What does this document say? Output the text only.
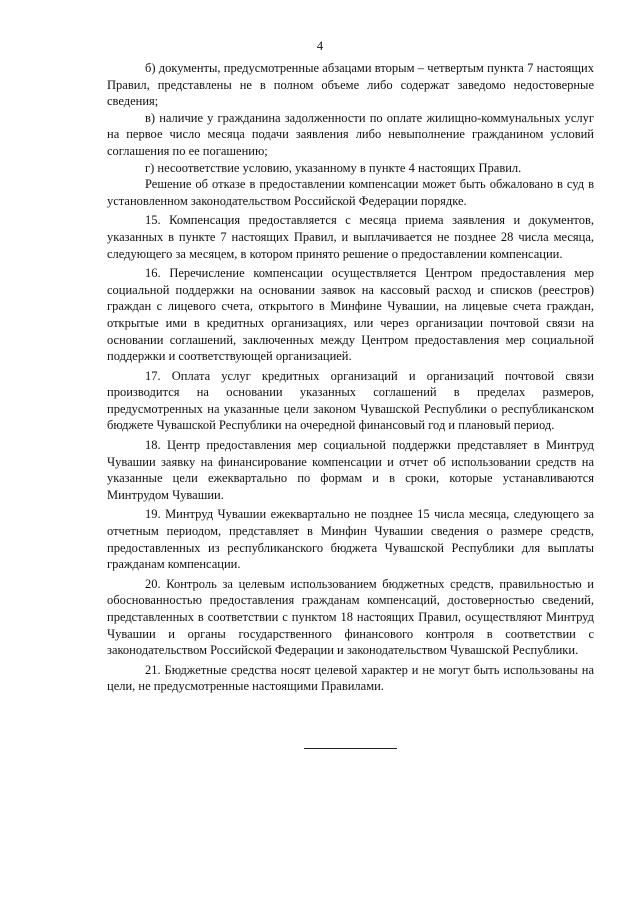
4

б) документы, предусмотренные абзацами вторым – четвертым пункта 7 настоящих Правил, представлены не в полном объеме либо содержат заведомо недостоверные сведения;

в) наличие у гражданина задолженности по оплате жилищно-коммунальных услуг на первое число месяца подачи заявления либо невыполнение гражданином условий соглашения по ее погашению;

г) несоответствие условию, указанному в пункте 4 настоящих Правил.

Решение об отказе в предоставлении компенсации может быть обжаловано в суд в установленном законодательством Российской Федерации порядке.

15. Компенсация предоставляется с месяца приема заявления и документов, указанных в пункте 7 настоящих Правил, и выплачивается не позднее 28 числа месяца, следующего за месяцем, в котором принято решение о предоставлении компенсации.

16. Перечисление компенсации осуществляется Центром предоставления мер социальной поддержки на основании заявок на кассовый расход и списков (реестров) граждан с лицевого счета, открытого в Минфине Чувашии, на лицевые счета граждан, открытые ими в кредитных организациях, или через организации почтовой связи на основании соглашений, заключенных между Центром предоставления мер социальной поддержки и соответствующей организацией.

17. Оплата услуг кредитных организаций и организаций почтовой связи производится на основании указанных соглашений в пределах размеров, предусмотренных на указанные цели законом Чувашской Республики о республиканском бюджете Чувашской Республики на очередной финансовый год и плановый период.

18. Центр предоставления мер социальной поддержки представляет в Минтруд Чувашии заявку на финансирование компенсации и отчет об использовании средств на указанные цели ежеквартально по формам и в сроки, которые устанавливаются Минтрудом Чувашии.

19. Минтруд Чувашии ежеквартально не позднее 15 числа месяца, следующего за отчетным периодом, представляет в Минфин Чувашии сведения о размере средств, предоставленных из республиканского бюджета Чувашской Республики для выплаты гражданам компенсации.

20. Контроль за целевым использованием бюджетных средств, правильностью и обоснованностью предоставления гражданам компенсаций, достоверностью сведений, представленных в соответствии с пунктом 18 настоящих Правил, осуществляют Минтруд Чувашии и органы государственного финансового контроля в соответствии с законодательством Российской Федерации и законодательством Чувашской Республики.

21. Бюджетные средства носят целевой характер и не могут быть использованы на цели, не предусмотренные настоящими Правилами.
